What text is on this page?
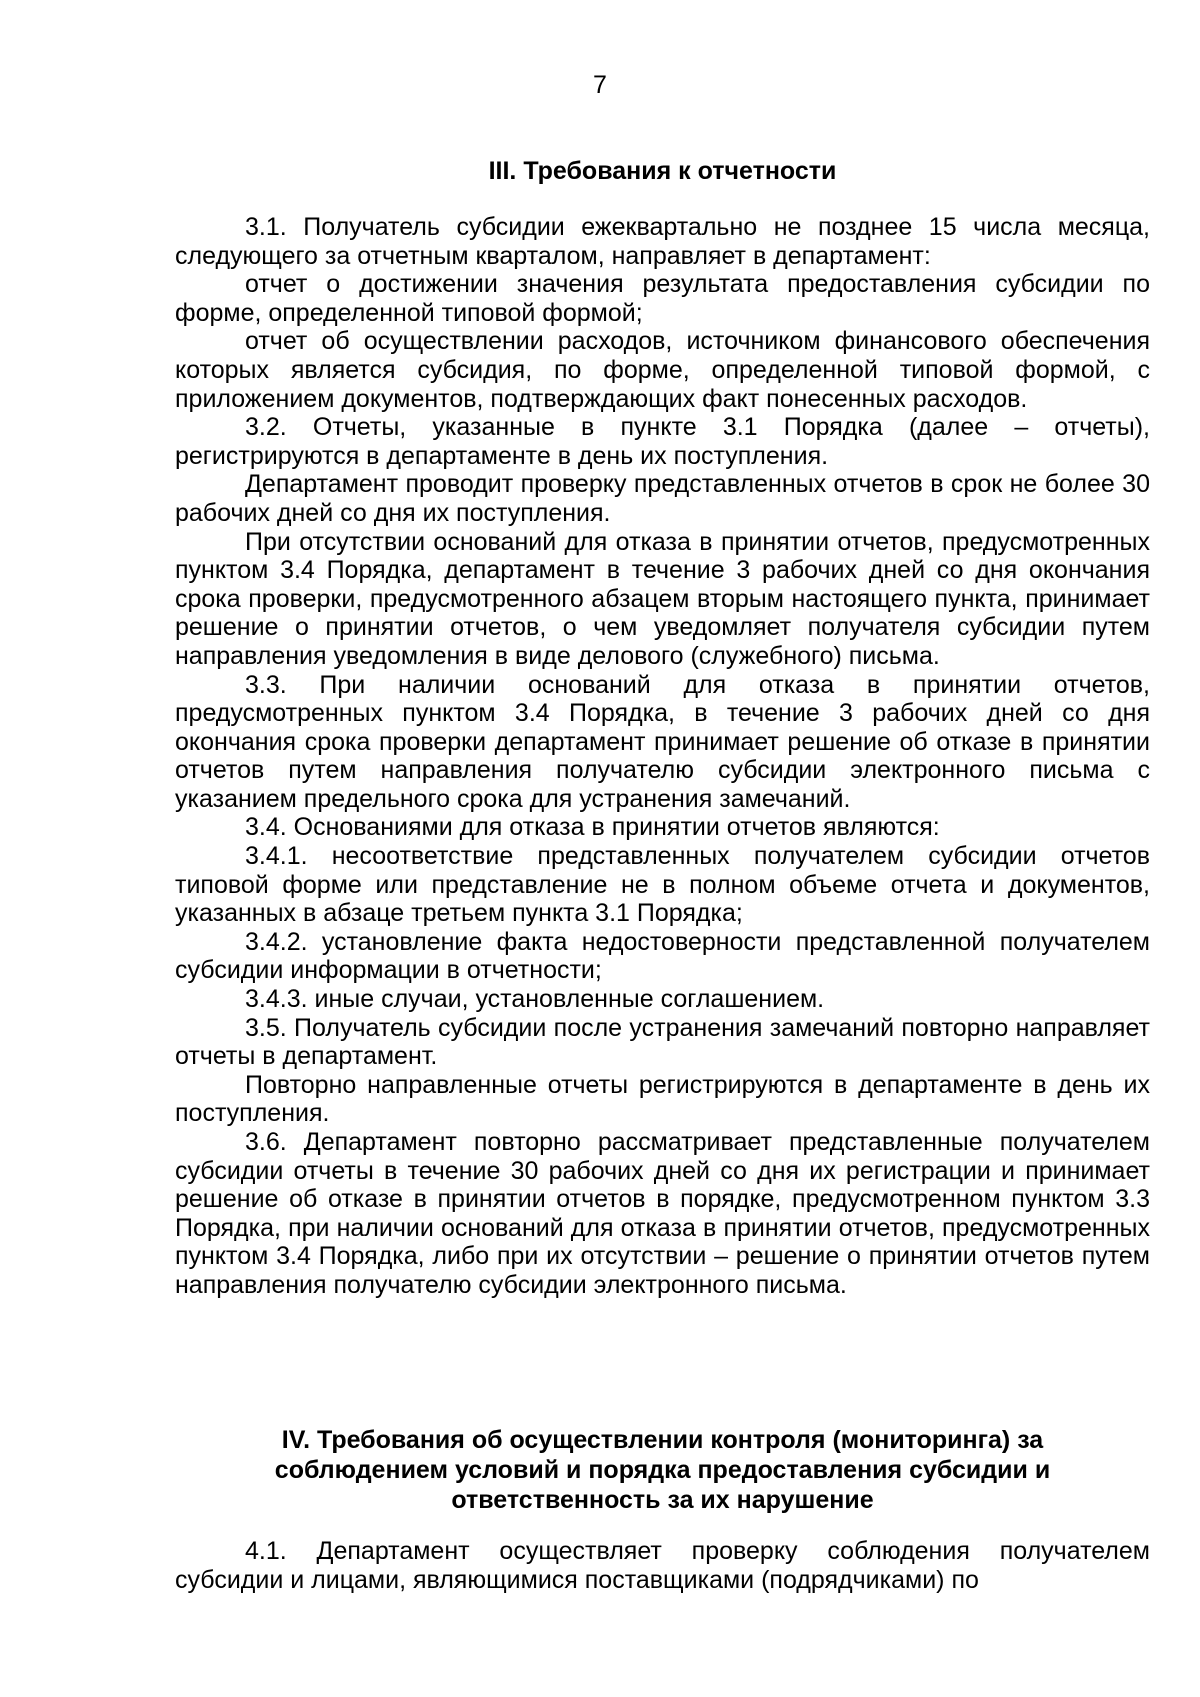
7
III. Требования к отчетности

3.1. Получатель субсидии ежеквартально не позднее 15 числа месяца, следующего за отчетным кварталом, направляет в департамент:

отчет о достижении значения результата предоставления субсидии по форме, определенной типовой формой;

отчет об осуществлении расходов, источником финансового обеспечения которых является субсидия, по форме, определенной типовой формой, с приложением документов, подтверждающих факт понесенных расходов.

3.2. Отчеты, указанные в пункте 3.1 Порядка (далее – отчеты), регистрируются в департаменте в день их поступления.

Департамент проводит проверку представленных отчетов в срок не более 30 рабочих дней со дня их поступления.

При отсутствии оснований для отказа в принятии отчетов, предусмотренных пунктом 3.4 Порядка, департамент в течение 3 рабочих дней со дня окончания срока проверки, предусмотренного абзацем вторым настоящего пункта, принимает решение о принятии отчетов, о чем уведомляет получателя субсидии путем направления уведомления в виде делового (служебного) письма.

3.3. При наличии оснований для отказа в принятии отчетов, предусмотренных пунктом 3.4 Порядка, в течение 3 рабочих дней со дня окончания срока проверки департамент принимает решение об отказе в принятии отчетов путем направления получателю субсидии электронного письма с указанием предельного срока для устранения замечаний.

3.4. Основаниями для отказа в принятии отчетов являются:

3.4.1. несоответствие представленных получателем субсидии отчетов типовой форме или представление не в полном объеме отчета и документов, указанных в абзаце третьем пункта 3.1 Порядка;

3.4.2. установление факта недостоверности представленной получателем субсидии информации в отчетности;

3.4.3. иные случаи, установленные соглашением.

3.5. Получатель субсидии после устранения замечаний повторно направляет отчеты в департамент.

Повторно направленные отчеты регистрируются в департаменте в день их поступления.

3.6. Департамент повторно рассматривает представленные получателем субсидии отчеты в течение 30 рабочих дней со дня их регистрации и принимает решение об отказе в принятии отчетов в порядке, предусмотренном пунктом 3.3 Порядка, при наличии оснований для отказа в принятии отчетов, предусмотренных пунктом 3.4 Порядка, либо при их отсутствии – решение о принятии отчетов путем направления получателю субсидии электронного письма.

IV. Требования об осуществлении контроля (мониторинга) за
соблюдением условий и порядка предоставления субсидии и
ответственность за их нарушение

4.1. Департамент осуществляет проверку соблюдения получателем субсидии и лицами, являющимися поставщиками (подрядчиками) по
